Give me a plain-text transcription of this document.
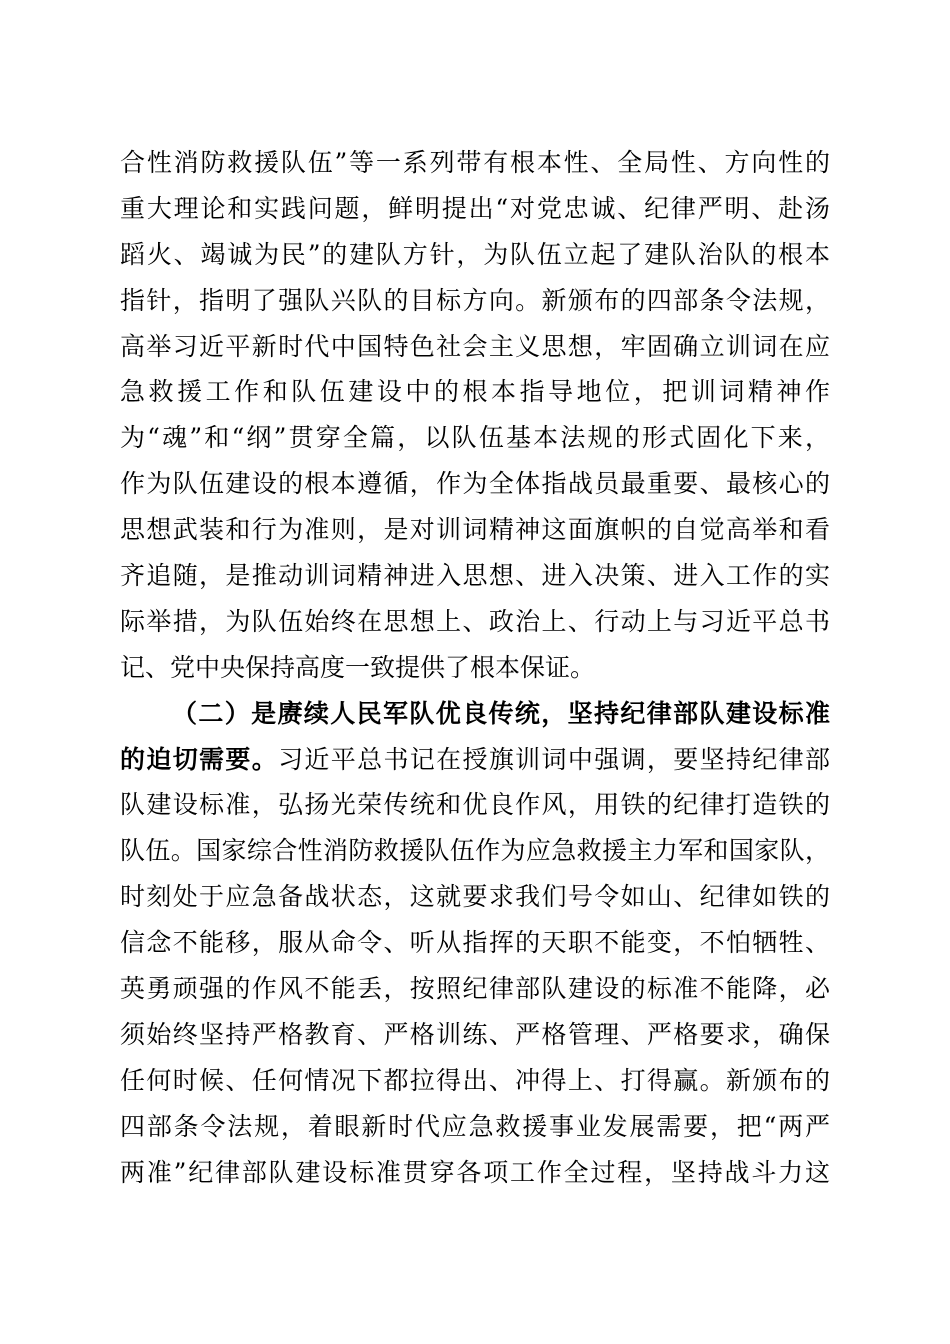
合性消防救援队伍”等一系列带有根本性、全局性、方向性的
重大理论和实践问题，鲜明提出“对党忠诚、纪律严明、赴汤
蹈火、竭诚为民”的建队方针，为队伍立起了建队治队的根本
指针，指明了强队兴队的目标方向。新颁布的四部条令法规，
高举习近平新时代中国特色社会主义思想，牢固确立训词在应
急救援工作和队伍建设中的根本指导地位，把训词精神作
为“魂”和“纲”贯穿全篇，以队伍基本法规的形式固化下来，
作为队伍建设的根本遵循，作为全体指战员最重要、最核心的
思想武装和行为准则，是对训词精神这面旗帜的自觉高举和看
齐追随，是推动训词精神进入思想、进入决策、进入工作的实
际举措，为队伍始终在思想上、政治上、行动上与习近平总书
记、党中央保持高度一致提供了根本保证。
（二）是赓续人民军队优良传统，坚持纪律部队建设标准
的迫切需要。习近平总书记在授旗训词中强调，要坚持纪律部
队建设标准，弘扬光荣传统和优良作风，用铁的纪律打造铁的
队伍。国家综合性消防救援队伍作为应急救援主力军和国家队，
时刻处于应急备战状态，这就要求我们号令如山、纪律如铁的
信念不能移，服从命令、听从指挥的天职不能变，不怕牺牲、
英勇顽强的作风不能丢，按照纪律部队建设的标准不能降，必
须始终坚持严格教育、严格训练、严格管理、严格要求，确保
任何时候、任何情况下都拉得出、冲得上、打得赢。新颁布的
四部条令法规，着眼新时代应急救援事业发展需要，把“两严
两准”纪律部队建设标准贯穿各项工作全过程，坚持战斗力这
